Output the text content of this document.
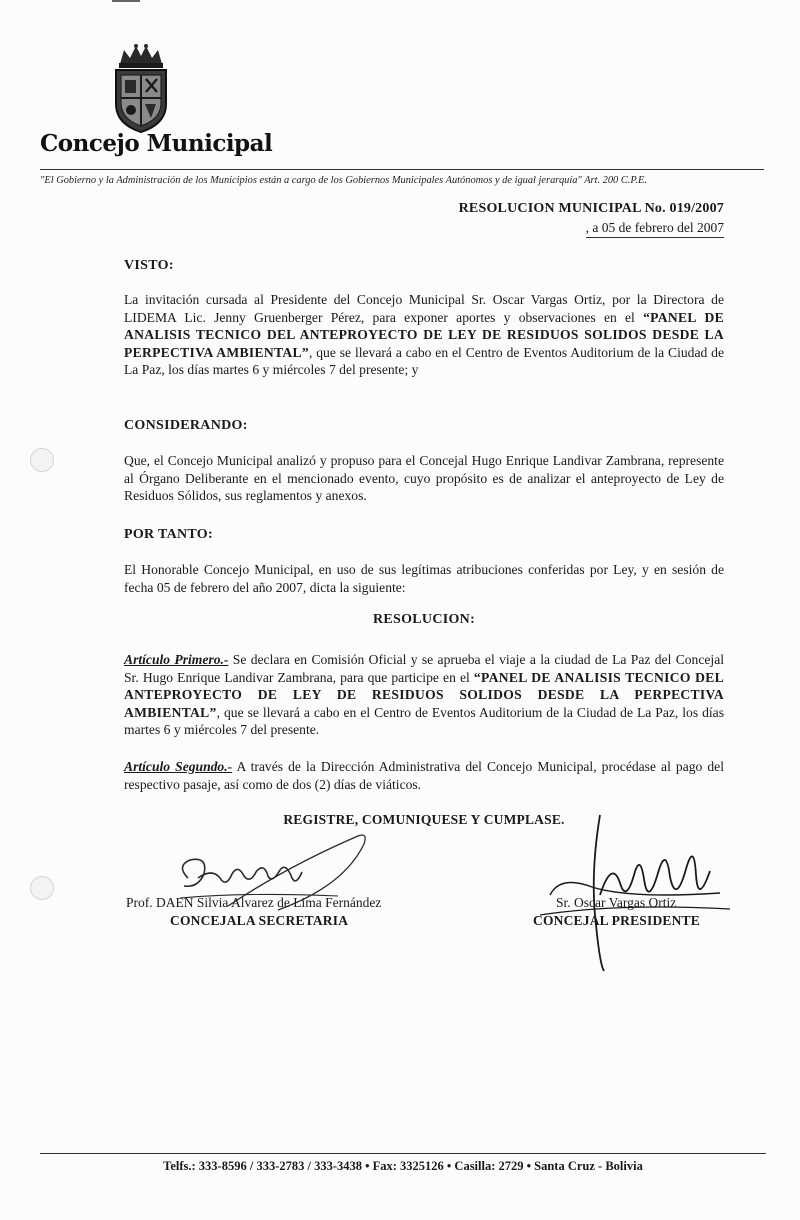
Concejo Municipal
"El Gobierno y la Administración de los Municipios están a cargo de los Gobiernos Municipales Autónomos y de igual jerarquía" Art. 200 C.P.E.
RESOLUCION MUNICIPAL No. 019/2007
, a 05 de febrero del 2007
VISTO:
La invitación cursada al Presidente del Concejo Municipal Sr. Oscar Vargas Ortiz, por la Directora de LIDEMA Lic. Jenny Gruenberger Pérez, para exponer aportes y observaciones en el “PANEL DE ANALISIS TECNICO DEL ANTEPROYECTO DE LEY DE RESIDUOS SOLIDOS DESDE LA PERPECTIVA AMBIENTAL”, que se llevará a cabo en el Centro de Eventos Auditorium de la Ciudad de La Paz, los días martes 6 y miércoles 7 del presente; y
CONSIDERANDO:
Que, el Concejo Municipal analizó y propuso para el Concejal Hugo Enrique Landivar Zambrana, represente al Órgano Deliberante en el mencionado evento, cuyo propósito es de analizar el anteproyecto de Ley de Residuos Sólidos, sus reglamentos y anexos.
POR TANTO:
El Honorable Concejo Municipal, en uso de sus legítimas atribuciones conferidas por Ley, y en sesión de fecha 05 de febrero del año 2007, dicta la siguiente:
RESOLUCION:
Artículo Primero.- Se declara en Comisión Oficial y se aprueba el viaje a la ciudad de La Paz del Concejal Sr. Hugo Enrique Landivar Zambrana, para que participe en el “PANEL DE ANALISIS TECNICO DEL ANTEPROYECTO DE LEY DE RESIDUOS SOLIDOS DESDE LA PERPECTIVA AMBIENTAL”, que se llevará a cabo en el Centro de Eventos Auditorium de la Ciudad de La Paz, los días martes 6 y miércoles 7 del presente.
Artículo Segundo.- A través de la Dirección Administrativa del Concejo Municipal, procédase al pago del respectivo pasaje, así como de dos (2) días de viáticos.
REGISTRE, COMUNIQUESE Y CUMPLASE.
Prof. DAEN Silvia Alvarez de Lima Fernández
CONCEJALA SECRETARIA
Sr. Oscar Vargas Ortiz
CONCEJAL PRESIDENTE
Telfs.: 333-8596 / 333-2783 / 333-3438 • Fax: 3325126 • Casilla: 2729 • Santa Cruz - Bolivia
